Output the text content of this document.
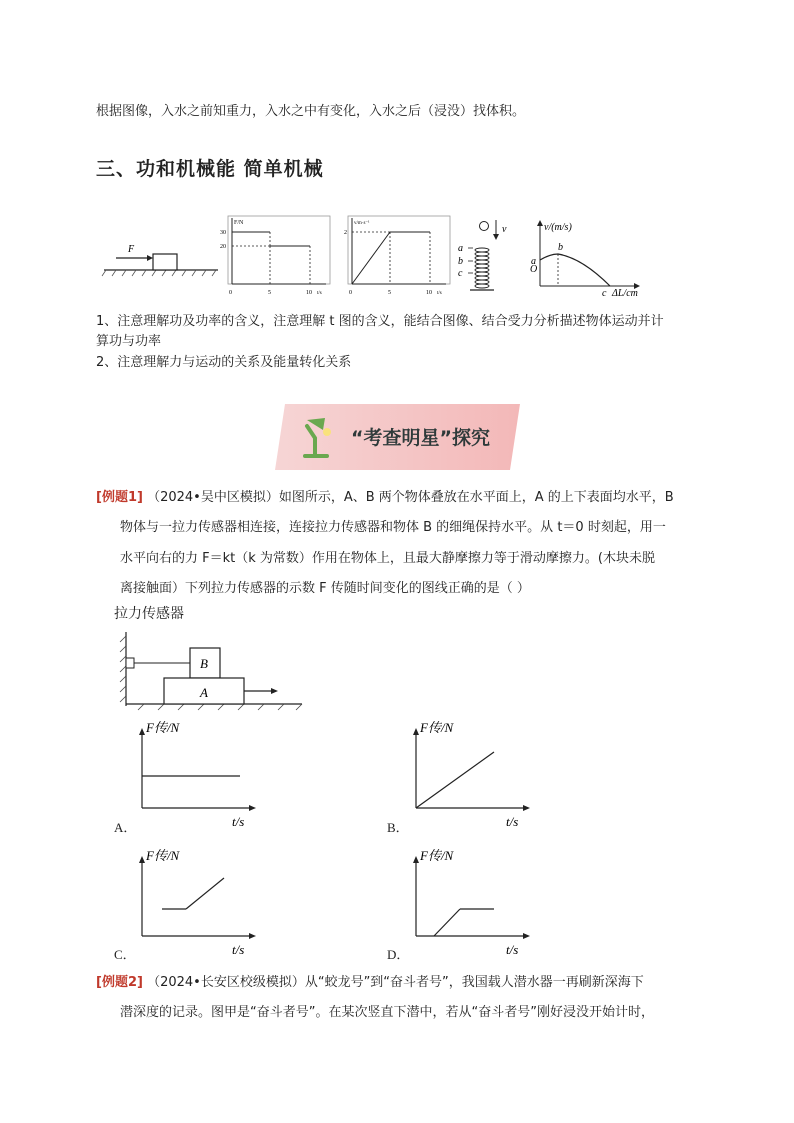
根据图像，入水之前知重力，入水之中有变化，入水之后（浸没）找体积。
三、功和机械能 简单机械
F
F/N
30
20
0	5	10 t/s
v/m·s⁻¹
2
0	5	10 t/s
v
a
b
c
v/(m/s)
O
a
b
c ΔL/cm
1、注意理解功及功率的含义，注意理解 t 图的含义，能结合图像、结合受力分析描述物体运动并计
算功与功率
2、注意理解力与运动的关系及能量转化关系
“考查明星”探究
[例题1] （2024•吴中区模拟）如图所示，A、B 两个物体叠放在水平面上，A 的上下表面均水平，B
物体与一拉力传感器相连接，连接拉力传感器和物体 B 的细绳保持水平。从 t＝0 时刻起，用一
水平向右的力 F＝kt（k 为常数）作用在物体上，且最大静摩擦力等于滑动摩擦力。(木块未脱
离接触面）下列拉力传感器的示数 F 传随时间变化的图线正确的是（ ）
拉力传感器
B
A
A．
F传/N
t/s	B．
F传/N
t/s
C．
F传/N
t/s	D．
F传/N
t/s
[例题2] （2024•长安区校级模拟）从“蛟龙号”到“奋斗者号”，我国载人潜水器一再刷新深海下
潜深度的记录。图甲是“奋斗者号”。在某次竖直下潜中，若从“奋斗者号”刚好浸没开始计时，
